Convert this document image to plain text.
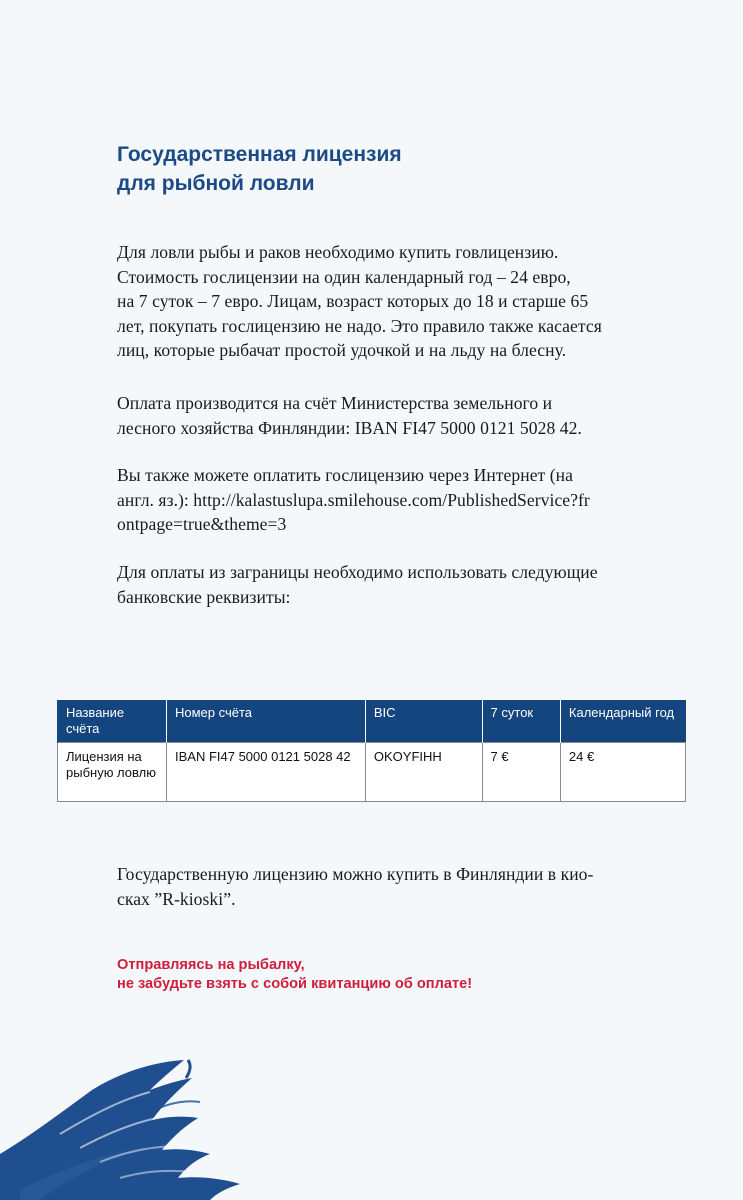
Государственная лицензия
для рыбной ловли

Для ловли рыбы и раков необходимо купить говлицензию.
Стоимость гослицензии на один календарный год – 24 евро,
на 7 суток – 7 евро. Лицам, возраст которых до 18 и старше 65
лет, покупать гослицензию не надо. Это правило также касается
лиц, которые рыбачат простой удочкой и на льду на блесну.

Оплата производится на счёт Министерства земельного и
лесного хозяйства Финляндии: IBAN FI47 5000 0121 5028 42.

Вы также можете оплатить гослицензию через Интернет (на
англ. яз.): http://kalastuslupa.smilehouse.com/PublishedService?fr
ontpage=true&theme=3

Для оплаты из заграницы необходимо использовать следующие
банковские реквизиты:

Название счёта	Номер счёта	BIC	7 суток	Календарный год
Лицензия на рыбную ловлю	IBAN FI47 5000 0121 5028 42	OKOYFIHH	7 €	24 €

Государственную лицензию можно купить в Финляндии в кио-
сках ”R-kioski”.

Отправляясь на рыбалку,
не забудьте взять с собой квитанцию об оплате!
